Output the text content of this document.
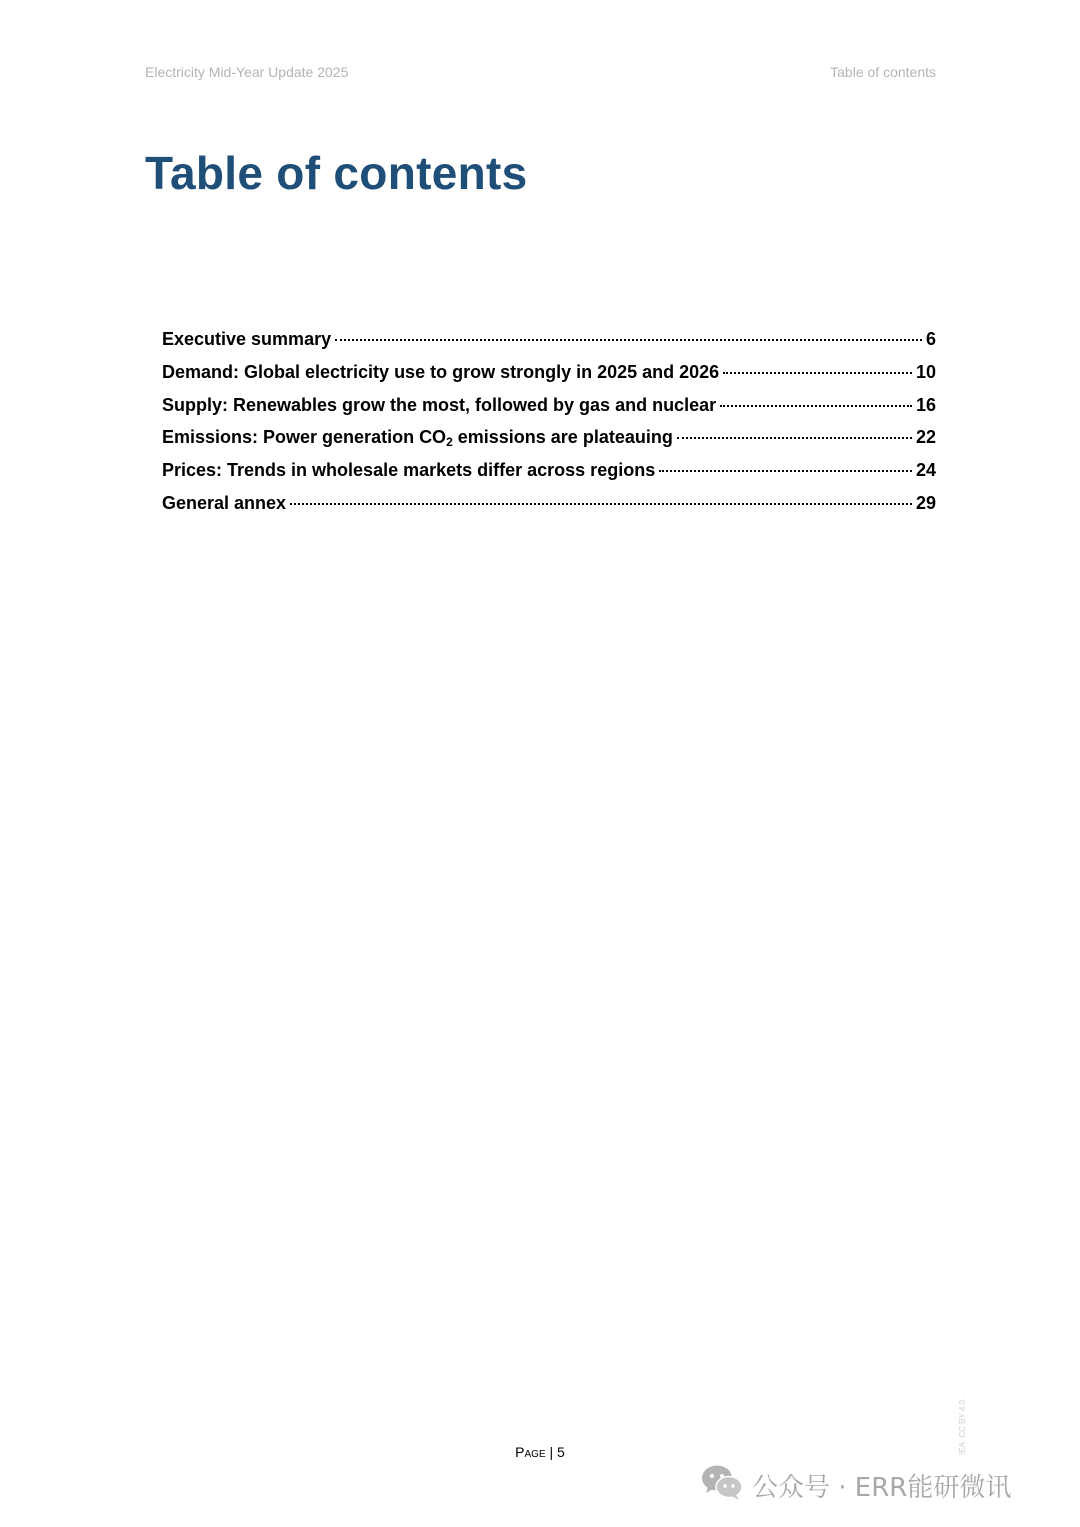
Electricity Mid-Year Update 2025	Table of contents
Table of contents
Executive summary	6
Demand: Global electricity use to grow strongly in 2025 and 2026	10
Supply: Renewables grow the most, followed by gas and nuclear	16
Emissions: Power generation $CO_2$ emissions are plateauing	22
Prices: Trends in wholesale markets differ across regions	24
General annex	29
IEA. CC BY 4.0.
Page | 5
公众号 · ERR能研微讯
